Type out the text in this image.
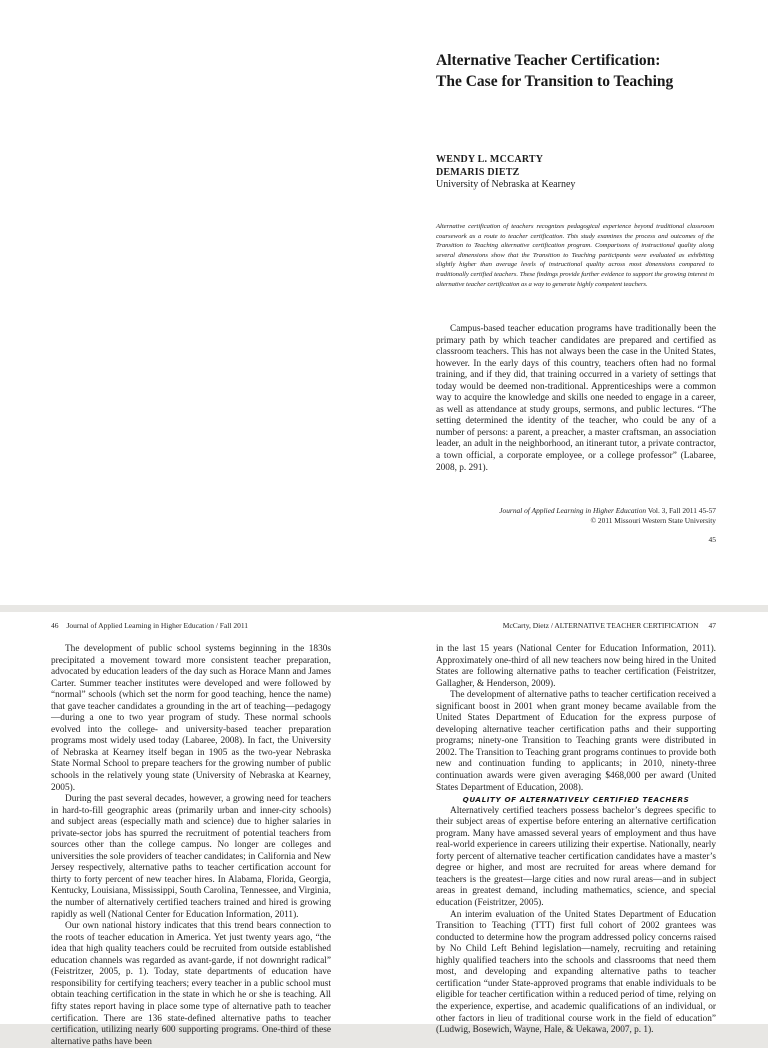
Alternative Teacher Certification:
The Case for Transition to Teaching
WENDY L. MCCARTY
DEMARIS DIETZ
University of Nebraska at Kearney
Alternative certification of teachers recognizes pedagogical experience beyond traditional classroom coursework as a route to teacher certification. This study examines the process and outcomes of the Transition to Teaching alternative certification program. Comparisons of instructional quality along several dimensions show that the Transition to Teaching participants were evaluated as exhibiting slightly higher than average levels of instructional quality across most dimensions compared to traditionally certified teachers. These findings provide further evidence to support the growing interest in alternative teacher certification as a way to generate highly competent teachers.

Campus-based teacher education programs have traditionally been the primary path by which teacher candidates are prepared and certified as classroom teachers. This has not always been the case in the United States, however. In the early days of this country, teachers often had no formal training, and if they did, that training occurred in a variety of settings that today would be deemed non-traditional. Apprenticeships were a common way to acquire the knowledge and skills one needed to engage in a career, as well as attendance at study groups, sermons, and public lectures. “The setting determined the identity of the teacher, who could be any of a number of persons: a parent, a preacher, a master craftsman, an association leader, an adult in the neighborhood, an itinerant tutor, a private contractor, a town official, a corporate employee, or a college professor” (Labaree, 2008, p. 291).

Journal of Applied Learning in Higher Education Vol. 3, Fall 2011 45-57
© 2011 Missouri Western State University
45
46 Journal of Applied Learning in Higher Education / Fall 2011	McCarty, Dietz / ALTERNATIVE TEACHER CERTIFICATION 47

The development of public school systems beginning in the 1830s precipitated a movement toward more consistent teacher preparation, advocated by education leaders of the day such as Horace Mann and James Carter. Summer teacher institutes were developed and were followed by “normal” schools (which set the norm for good teaching, hence the name) that gave teacher candidates a grounding in the art of teaching—pedagogy—during a one to two year program of study. These normal schools evolved into the college- and university-based teacher preparation programs most widely used today (Labaree, 2008). In fact, the University of Nebraska at Kearney itself began in 1905 as the two-year Nebraska State Normal School to prepare teachers for the growing number of public schools in the relatively young state (University of Nebraska at Kearney, 2005).

During the past several decades, however, a growing need for teachers in hard-to-fill geographic areas (primarily urban and inner-city schools) and subject areas (especially math and science) due to higher salaries in private-sector jobs has spurred the recruitment of potential teachers from sources other than the college campus. No longer are colleges and universities the sole providers of teacher candidates; in California and New Jersey respectively, alternative paths to teacher certification account for thirty to forty percent of new teacher hires. In Alabama, Florida, Georgia, Kentucky, Louisiana, Mississippi, South Carolina, Tennessee, and Virginia, the number of alternatively certified teachers trained and hired is growing rapidly as well (National Center for Education Information, 2011).

Our own national history indicates that this trend bears connection to the roots of teacher education in America. Yet just twenty years ago, “the idea that high quality teachers could be recruited from outside established education channels was regarded as avant-garde, if not downright radical” (Feistritzer, 2005, p. 1). Today, state departments of education have responsibility for certifying teachers; every teacher in a public school must obtain teaching certification in the state in which he or she is teaching. All fifty states report having in place some type of alternative path to teacher certification. There are 136 state-defined alternative paths to teacher certification, utilizing nearly 600 supporting programs. One-third of these alternative paths have been

in the last 15 years (National Center for Education Information, 2011). Approximately one-third of all new teachers now being hired in the United States are following alternative paths to teacher certification (Feistritzer, Gallagher, & Henderson, 2009).

The development of alternative paths to teacher certification received a significant boost in 2001 when grant money became available from the United States Department of Education for the express purpose of developing alternative teacher certification paths and their supporting programs; ninety-one Transition to Teaching grants were distributed in 2002. The Transition to Teaching grant programs continues to provide both new and continuation funding to applicants; in 2010, ninety-three continuation awards were given averaging $468,000 per award (United States Department of Education, 2008).

QUALITY OF ALTERNATIVELY CERTIFIED TEACHERS

Alternatively certified teachers possess bachelor’s degrees specific to their subject areas of expertise before entering an alternative certification program. Many have amassed several years of employment and thus have real-world experience in careers utilizing their expertise. Nationally, nearly forty percent of alternative teacher certification candidates have a master’s degree or higher, and most are recruited for areas where demand for teachers is the greatest—large cities and now rural areas—and in subject areas in greatest demand, including mathematics, science, and special education (Feistritzer, 2005).

An interim evaluation of the United States Department of Education Transition to Teaching (TTT) first full cohort of 2002 grantees was conducted to determine how the program addressed policy concerns raised by No Child Left Behind legislation—namely, recruiting and retaining highly qualified teachers into the schools and classrooms that need them most, and developing and expanding alternative paths to teacher certification “under State-approved programs that enable individuals to be eligible for teacher certification within a reduced period of time, relying on the experience, expertise, and academic qualifications of an individual, or other factors in lieu of traditional course work in the field of education” (Ludwig, Bosewich, Wayne, Hale, & Uekawa, 2007, p. 1).
